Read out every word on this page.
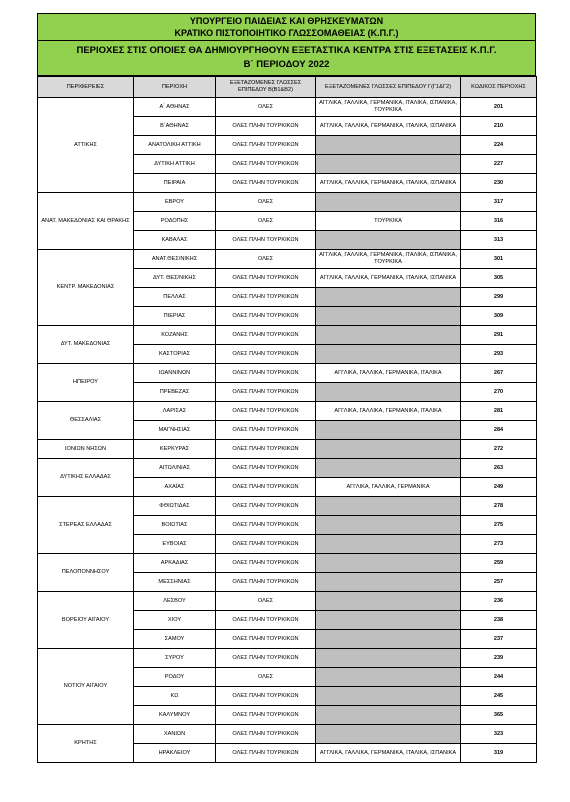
ΥΠΟΥΡΓΕΙΟ ΠΑΙΔΕΙΑΣ ΚΑΙ ΘΡΗΣΚΕΥΜΑΤΩΝ
ΚΡΑΤΙΚΟ ΠΙΣΤΟΠΟΙΗΤΙΚΟ ΓΛΩΣΣΟΜΑΘΕΙΑΣ (Κ.Π.Γ.)
ΠΕΡΙΟΧΕΣ ΣΤΙΣ ΟΠΟΙΕΣ ΘΑ ΔΗΜΙΟΥΡΓΗΘΟΥΝ ΕΞΕΤΑΣΤΙΚΑ ΚΕΝΤΡΑ ΣΤΙΣ ΕΞΕΤΑΣΕΙΣ Κ.Π.Γ.
Β΄ ΠΕΡΙΟΔΟΥ 2022
ΠΕΡΙΦΕΡΕΙΕΣ	ΠΕΡΙΟΧΗ	ΕΞΕΤΑΖΟΜΕΝΕΣ ΓΛΩΣΣΕΣ ΕΠΙΠΕΔΟΥ Β(Β1&Β2)	ΕΞΕΤΑΖΟΜΕΝΕΣ ΓΛΩΣΣΕΣ ΕΠΙΠΕΔΟΥ Γ(Γ1&Γ2)	ΚΩΔΙΚΟΣ ΠΕΡΙΟΧΗΣ
ΑΤΤΙΚΗΣ	Α΄ ΑΘΗΝΑΣ	ΟΛΕΣ	ΑΓΓΛΙΚΑ, ΓΑΛΛΙΚΑ, ΓΕΡΜΑΝΙΚΑ, ΙΤΑΛΙΚΑ, ΙΣΠΑΝΙΚΑ, ΤΟΥΡΚΙΚΑ	201
	Β΄ΑΘΗΝΑΣ	ΟΛΕΣ ΠΛΗΝ ΤΟΥΡΚΙΚΩΝ	ΑΓΓΛΙΚΑ, ΓΑΛΛΙΚΑ, ΓΕΡΜΑΝΙΚΑ, ΙΤΑΛΙΚΑ, ΙΣΠΑΝΙΚΑ	210
	ΑΝΑΤΟΛΙΚΗ ΑΤΤΙΚΗ	ΟΛΕΣ ΠΛΗΝ ΤΟΥΡΚΙΚΩΝ		224
	ΔΥΤΙΚΗ ΑΤΤΙΚΗ	ΟΛΕΣ ΠΛΗΝ ΤΟΥΡΚΙΚΩΝ		227
	ΠΕΙΡΑΙΑ	ΟΛΕΣ ΠΛΗΝ ΤΟΥΡΚΙΚΩΝ	ΑΓΓΛΙΚΑ, ΓΑΛΛΙΚΑ, ΓΕΡΜΑΝΙΚΑ, ΙΤΑΛΙΚΑ, ΙΣΠΑΝΙΚΑ	230
ΑΝΑΤ. ΜΑΚΕΔΟΝΙΑΣ ΚΑΙ ΘΡΑΚΗΣ	ΕΒΡΟΥ	ΟΛΕΣ		317
	ΡΟΔΟΠΗΣ	ΟΛΕΣ	ΤΟΥΡΚΙΚΑ	316
	ΚΑΒΑΛΑΣ	ΟΛΕΣ ΠΛΗΝ ΤΟΥΡΚΙΚΩΝ		313
ΚΕΝΤΡ. ΜΑΚΕΔΟΝΙΑΣ	ΑΝΑΤ.ΘΕΣ/ΝΙΚΗΣ	ΟΛΕΣ	ΑΓΓΛΙΚΑ, ΓΑΛΛΙΚΑ, ΓΕΡΜΑΝΙΚΑ, ΙΤΑΛΙΚΑ, ΙΣΠΑΝΙΚΑ, ΤΟΥΡΚΙΚΑ	301
	ΔΥΤ. ΘΕΣ/ΝΙΚΗΣ	ΟΛΕΣ ΠΛΗΝ ΤΟΥΡΚΙΚΩΝ	ΑΓΓΛΙΚΑ, ΓΑΛΛΙΚΑ, ΓΕΡΜΑΝΙΚΑ, ΙΤΑΛΙΚΑ, ΙΣΠΑΝΙΚΑ	305
	ΠΕΛΛΑΣ	ΟΛΕΣ ΠΛΗΝ ΤΟΥΡΚΙΚΩΝ		299
	ΠΙΕΡΙΑΣ	ΟΛΕΣ ΠΛΗΝ ΤΟΥΡΚΙΚΩΝ		309
ΔΥΤ. ΜΑΚΕΔΟΝΙΑΣ	ΚΟΖΑΝΗΣ	ΟΛΕΣ ΠΛΗΝ ΤΟΥΡΚΙΚΩΝ		291
	ΚΑΣΤΟΡΙΑΣ	ΟΛΕΣ ΠΛΗΝ ΤΟΥΡΚΙΚΩΝ		293
ΗΠΕΙΡΟΥ	ΙΩΑΝΝΙΝΩΝ	ΟΛΕΣ ΠΛΗΝ ΤΟΥΡΚΙΚΩΝ	ΑΓΓΛΙΚΑ, ΓΑΛΛΙΚΑ, ΓΕΡΜΑΝΙΚΑ, ΙΤΑΛΙΚΑ	267
	ΠΡΕΒΕΖΑΣ	ΟΛΕΣ ΠΛΗΝ ΤΟΥΡΚΙΚΩΝ		270
ΘΕΣΣΑΛΙΑΣ	ΛΑΡΙΣΑΣ	ΟΛΕΣ ΠΛΗΝ ΤΟΥΡΚΙΚΩΝ	ΑΓΓΛΙΚΑ, ΓΑΛΛΙΚΑ, ΓΕΡΜΑΝΙΚΑ, ΙΤΑΛΙΚΑ	281
	ΜΑΓΝΗΣΙΑΣ	ΟΛΕΣ ΠΛΗΝ ΤΟΥΡΚΙΚΩΝ		284
ΙΟΝΙΩΝ ΝΗΣΩΝ	ΚΕΡΚΥΡΑΣ	ΟΛΕΣ ΠΛΗΝ ΤΟΥΡΚΙΚΩΝ		272
ΔΥΤΙΚΗΣ ΕΛΛΑΔΑΣ	ΑΙΤΩΛ/ΝΙΑΣ	ΟΛΕΣ ΠΛΗΝ ΤΟΥΡΚΙΚΩΝ		263
	ΑΧΑΪΑΣ	ΟΛΕΣ ΠΛΗΝ ΤΟΥΡΚΙΚΩΝ	ΑΓΓΛΙΚΑ, ΓΑΛΛΙΚΑ, ΓΕΡΜΑΝΙΚΑ	249
ΣΤΕΡΕΑΣ ΕΛΛΑΔΑΣ	ΦΘΙΩΤΙΔΑΣ	ΟΛΕΣ ΠΛΗΝ ΤΟΥΡΚΙΚΩΝ		278
	ΒΟΙΩΤΙΑΣ	ΟΛΕΣ ΠΛΗΝ ΤΟΥΡΚΙΚΩΝ		275
	ΕΥΒΟΙΑΣ	ΟΛΕΣ ΠΛΗΝ ΤΟΥΡΚΙΚΩΝ		273
ΠΕΛΟΠΟΝΝΗΣΟΥ	ΑΡΚΑΔΙΑΣ	ΟΛΕΣ ΠΛΗΝ ΤΟΥΡΚΙΚΩΝ		259
	ΜΕΣΣΗΝΙΑΣ	ΟΛΕΣ ΠΛΗΝ ΤΟΥΡΚΙΚΩΝ		257
ΒΟΡΕΙΟΥ ΑΙΓΑΙΟΥ	ΛΕΣΒΟΥ	ΟΛΕΣ		236
	ΧΙΟΥ	ΟΛΕΣ ΠΛΗΝ ΤΟΥΡΚΙΚΩΝ		238
	ΣΑΜΟΥ	ΟΛΕΣ ΠΛΗΝ ΤΟΥΡΚΙΚΩΝ		237
ΝΟΤΙΟΥ ΑΙΓΑΙΟΥ	ΣΥΡΟΥ	ΟΛΕΣ ΠΛΗΝ ΤΟΥΡΚΙΚΩΝ		239
	ΡΟΔΟΥ	ΟΛΕΣ		244
	ΚΩ	ΟΛΕΣ ΠΛΗΝ ΤΟΥΡΚΙΚΩΝ		245
	ΚΑΛΥΜΝΟΥ	ΟΛΕΣ ΠΛΗΝ ΤΟΥΡΚΙΚΩΝ		365
ΚΡΗΤΗΣ	ΧΑΝΙΩΝ	ΟΛΕΣ ΠΛΗΝ ΤΟΥΡΚΙΚΩΝ		323
	ΗΡΑΚΛΕΙΟΥ	ΟΛΕΣ ΠΛΗΝ ΤΟΥΡΚΙΚΩΝ	ΑΓΓΛΙΚΑ, ΓΑΛΛΙΚΑ, ΓΕΡΜΑΝΙΚΑ, ΙΤΑΛΙΚΑ, ΙΣΠΑΝΙΚΑ	319
